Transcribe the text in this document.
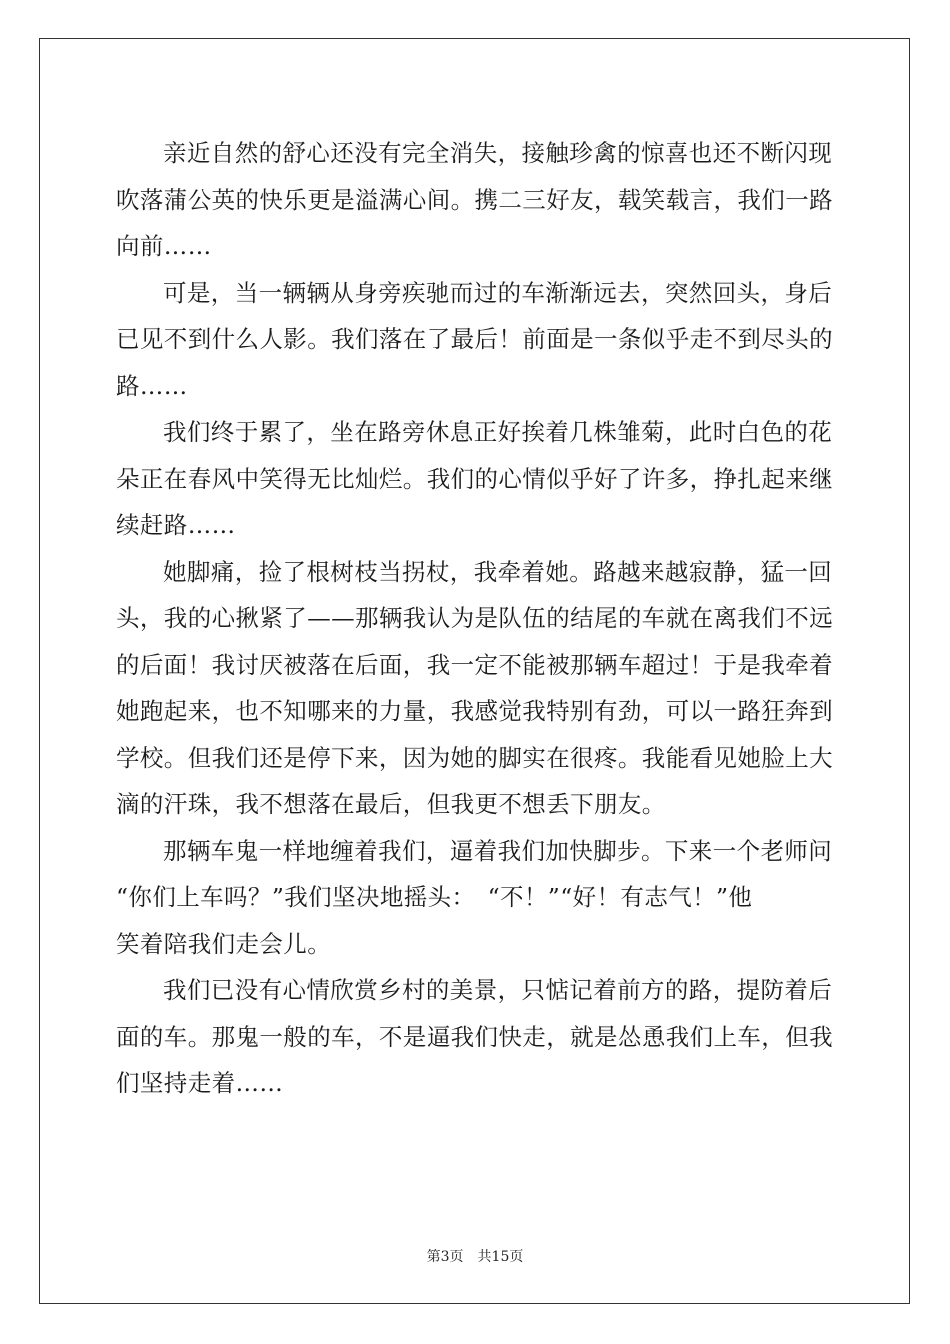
亲近自然的舒心还没有完全消失，接触珍禽的惊喜也还不断闪现
吹落蒲公英的快乐更是溢满心间。携二三好友，载笑载言，我们一路
向前……

可是，当一辆辆从身旁疾驰而过的车渐渐远去，突然回头，身后
已见不到什么人影。我们落在了最后！前面是一条似乎走不到尽头的
路……

我们终于累了，坐在路旁休息正好挨着几株雏菊，此时白色的花
朵正在春风中笑得无比灿烂。我们的心情似乎好了许多，挣扎起来继
续赶路……

她脚痛，捡了根树枝当拐杖，我牵着她。路越来越寂静，猛一回
头，我的心揪紧了——那辆我认为是队伍的结尾的车就在离我们不远
的后面！我讨厌被落在后面，我一定不能被那辆车超过！于是我牵着
她跑起来，也不知哪来的力量，我感觉我特别有劲，可以一路狂奔到
学校。但我们还是停下来，因为她的脚实在很疼。我能看见她脸上大
滴的汗珠，我不想落在最后，但我更不想丢下朋友。

那辆车鬼一样地缠着我们，逼着我们加快脚步。下来一个老师问
“你们上车吗？”我们坚决地摇头：　“不！”“好！有志气！”他
笑着陪我们走会儿。

我们已没有心情欣赏乡村的美景，只惦记着前方的路，提防着后
面的车。那鬼一般的车，不是逼我们快走，就是怂恿我们上车，但我
们坚持走着……

第3页　共15页
